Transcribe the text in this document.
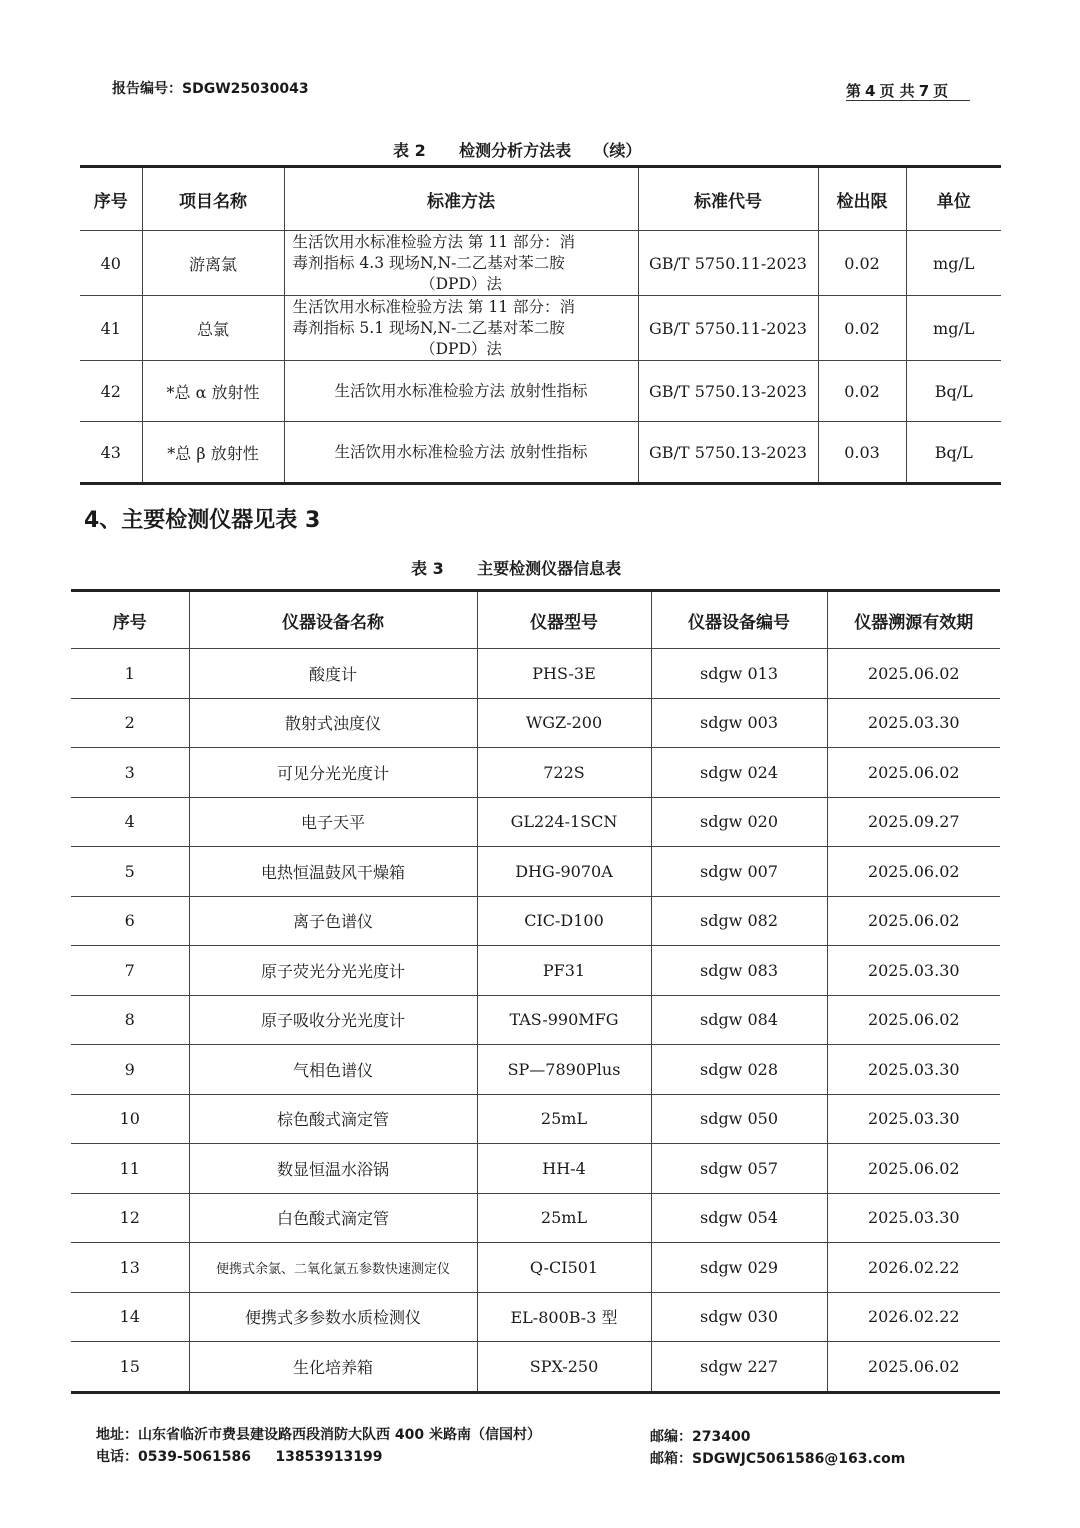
报告编号：SDGW25030043	第 4 页 共 7 页
表 2      检测分析方法表    （续）
序号	项目名称	标准方法	标准代号	检出限	单位
40	游离氯	生活饮用水标准检验方法 第 11 部分：消
毒剂指标 4.3 现场N,N-二乙基对苯二胺
（DPD）法	GB/T 5750.11-2023	0.02	mg/L
41	总氯	生活饮用水标准检验方法 第 11 部分：消
毒剂指标 5.1 现场N,N-二乙基对苯二胺
（DPD）法	GB/T 5750.11-2023	0.02	mg/L
42	*总 α 放射性	生活饮用水标准检验方法 放射性指标	GB/T 5750.13-2023	0.02	Bq/L
43	*总 β 放射性	生活饮用水标准检验方法 放射性指标	GB/T 5750.13-2023	0.03	Bq/L
4、主要检测仪器见表 3
表 3      主要检测仪器信息表
序号	仪器设备名称	仪器型号	仪器设备编号	仪器溯源有效期
1	酸度计	PHS-3E	sdgw 013	2025.06.02
2	散射式浊度仪	WGZ-200	sdgw 003	2025.03.30
3	可见分光光度计	722S	sdgw 024	2025.06.02
4	电子天平	GL224-1SCN	sdgw 020	2025.09.27
5	电热恒温鼓风干燥箱	DHG-9070A	sdgw 007	2025.06.02
6	离子色谱仪	CIC-D100	sdgw 082	2025.06.02
7	原子荧光分光光度计	PF31	sdgw 083	2025.03.30
8	原子吸收分光光度计	TAS-990MFG	sdgw 084	2025.06.02
9	气相色谱仪	SP—7890Plus	sdgw 028	2025.03.30
10	棕色酸式滴定管	25mL	sdgw 050	2025.03.30
11	数显恒温水浴锅	HH-4	sdgw 057	2025.06.02
12	白色酸式滴定管	25mL	sdgw 054	2025.03.30
13	便携式余氯、二氧化氯五参数快速测定仪	Q-CI501	sdgw 029	2026.02.22
14	便携式多参数水质检测仪	EL-800B-3 型	sdgw 030	2026.02.22
15	生化培养箱	SPX-250	sdgw 227	2025.06.02
地址：山东省临沂市费县建设路西段消防大队西 400 米路南（信国村）
电话：0539-5061586     13853913199
邮编：273400
邮箱：SDGWJC5061586@163.com
